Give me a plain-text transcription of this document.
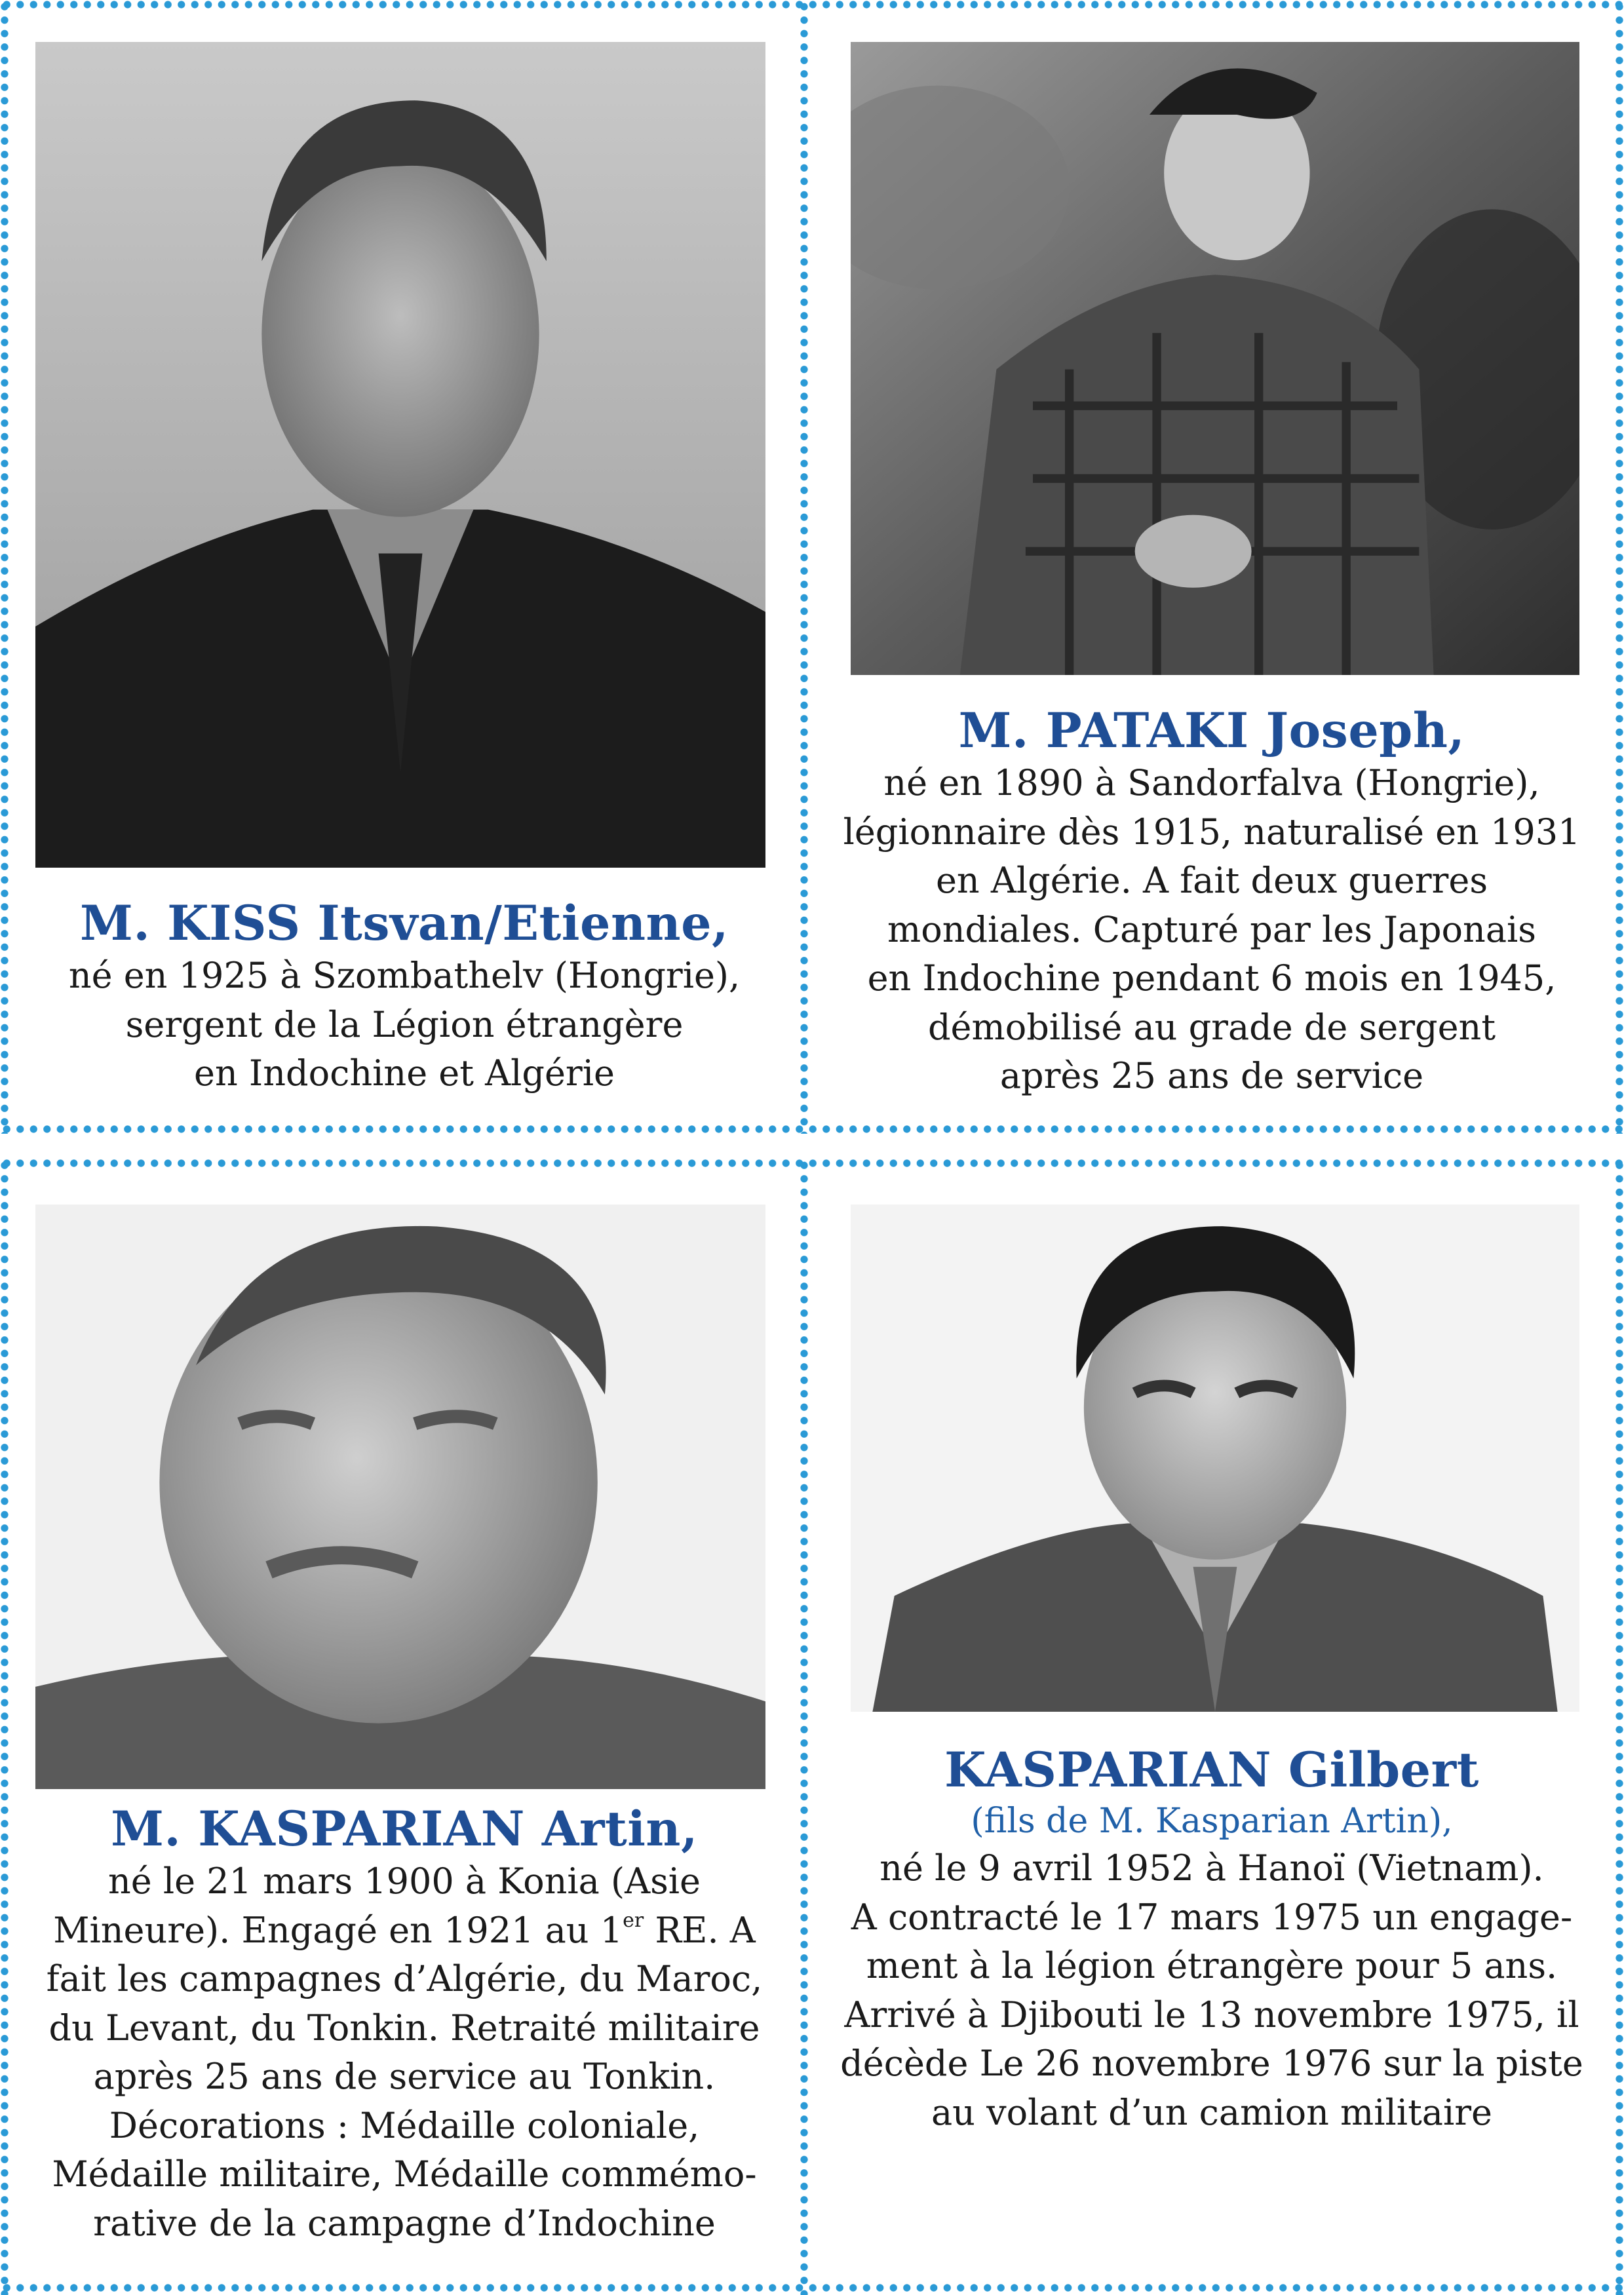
M. KISS Itsvan/Etienne,
né en 1925 à Szombathelv (Hongrie),
sergent de la Légion étrangère
en Indochine et Algérie
M. PATAKI Joseph,
né en 1890 à Sandorfalva (Hongrie),
légionnaire dès 1915, naturalisé en 1931
en Algérie. A fait deux guerres
mondiales. Capturé par les Japonais
en Indochine pendant 6 mois en 1945,
démobilisé au grade de sergent
après 25 ans de service
M. KASPARIAN Artin,
né le 21 mars 1900 à Konia (Asie
Mineure). Engagé en 1921 au 1er RE. A
fait les campagnes d’Algérie, du Maroc,
du Levant, du Tonkin. Retraité militaire
après 25 ans de service au Tonkin.
Décorations : Médaille coloniale,
Médaille militaire, Médaille commémo-
rative de la campagne d’Indochine
KASPARIAN Gilbert
(fils de M. Kasparian Artin),
né le 9 avril 1952 à Hanoï (Vietnam).
A contracté le 17 mars 1975 un engage-
ment à la légion étrangère pour 5 ans.
Arrivé à Djibouti le 13 novembre 1975, il
décède Le 26 novembre 1976 sur la piste
au volant d’un camion militaire
